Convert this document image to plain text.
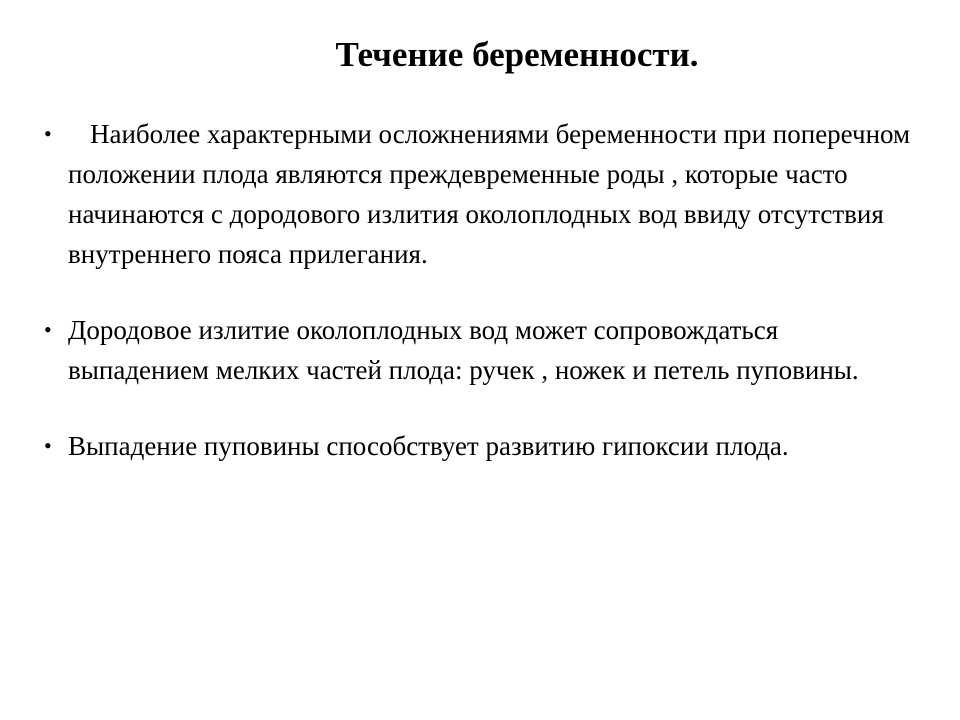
Течение беременности.
• Наиболее характерными осложнениями беременности при поперечном положении плода являются преждевременные роды , которые часто начинаются с дородового излития околоплодных вод ввиду отсутствия внутреннего пояса прилегания.
• Дородовое излитие околоплодных вод может сопровождаться выпадением мелких частей плода: ручек , ножек и петель пуповины.
• Выпадение пуповины способствует развитию гипоксии плода.
